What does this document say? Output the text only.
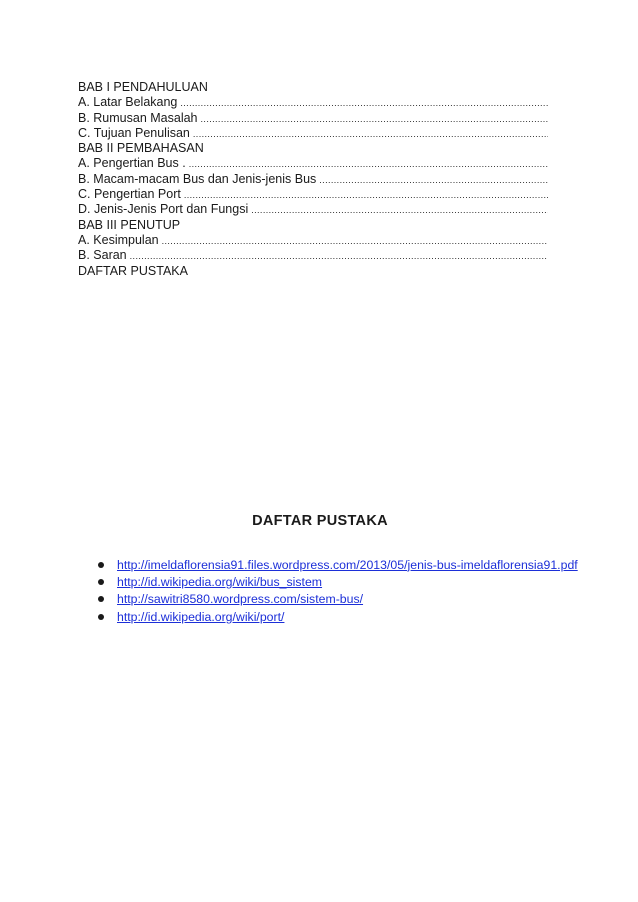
BAB I PENDAHULUAN
A. Latar Belakang
.....
B. Rumusan Masalah
.....
C. Tujuan Penulisan
.....
BAB II PEMBAHASAN
A. Pengertian Bus .
.....
B. Macam-macam Bus dan Jenis-jenis Bus
.....
C. Pengertian Port
.....
D. Jenis-Jenis Port dan Fungsi
.....
BAB III PENUTUP
A. Kesimpulan
.....
B. Saran
.....
DAFTAR PUSTAKA
DAFTAR PUSTAKA
http://imeldaflorensia91.files.wordpress.com/2013/05/jenis-bus-imeldaflorensia91.pdf
http://id.wikipedia.org/wiki/bus_sistem
http://sawitri8580.wordpress.com/sistem-bus/
http://id.wikipedia.org/wiki/port/
